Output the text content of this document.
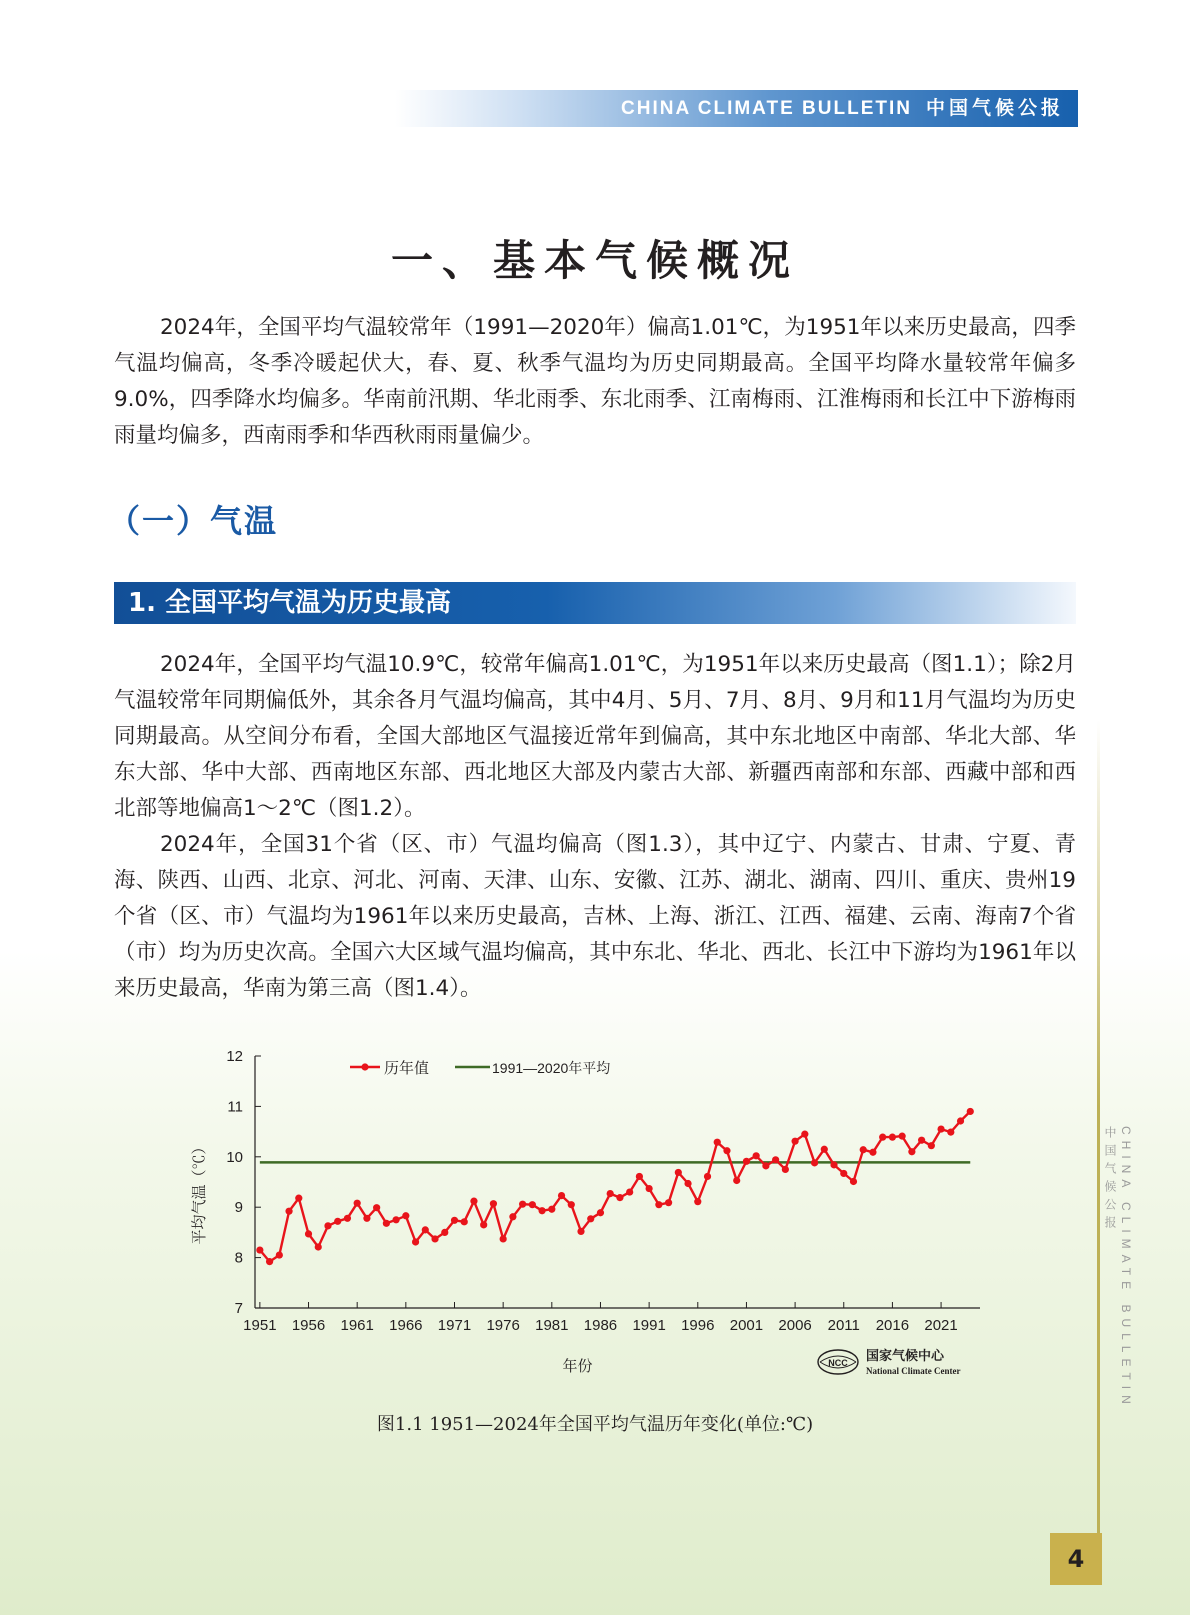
CHINA CLIMATE BULLETIN 中国气候公报
一、基本气候概况

2024年，全国平均气温较常年（1991—2020年）偏高1.01℃，为1951年以来历史最高，四季气温均偏高，冬季冷暖起伏大，春、夏、秋季气温均为历史同期最高。全国平均降水量较常年偏多9.0%，四季降水均偏多。华南前汛期、华北雨季、东北雨季、江南梅雨、江淮梅雨和长江中下游梅雨雨量均偏多，西南雨季和华西秋雨雨量偏少。

（一）气温
1. 全国平均气温为历史最高

2024年，全国平均气温10.9℃，较常年偏高1.01℃，为1951年以来历史最高（图1.1）；除2月气温较常年同期偏低外，其余各月气温均偏高，其中4月、5月、7月、8月、9月和11月气温均为历史同期最高。从空间分布看，全国大部地区气温接近常年到偏高，其中东北地区中南部、华北大部、华东大部、华中大部、西南地区东部、西北地区大部及内蒙古大部、新疆西南部和东部、西藏中部和西北部等地偏高1～2℃（图1.2）。

2024年，全国31个省（区、市）气温均偏高（图1.3），其中辽宁、内蒙古、甘肃、宁夏、青海、陕西、山西、北京、河北、河南、天津、山东、安徽、江苏、湖北、湖南、四川、重庆、贵州19个省（区、市）气温均为1961年以来历史最高，吉林、上海、浙江、江西、福建、云南、海南7个省（市）均为历史次高。全国六大区域气温均偏高，其中东北、华北、西北、长江中下游均为1961年以来历史最高，华南为第三高（图1.4）。

7
8
9
10
11
12
1951 1956 1961 1966 1971 1976 1981 1986 1991 1996 2001 2006 2011 2016 2021
年份
平均气温（℃）
历年值	1991—2020年平均
NCC 国家气候中心
National Climate Center
图1.1 1951—2024年全国平均气温历年变化(单位:℃)
CHINA CLIMATE BULLETIN
中国气候公报
4
